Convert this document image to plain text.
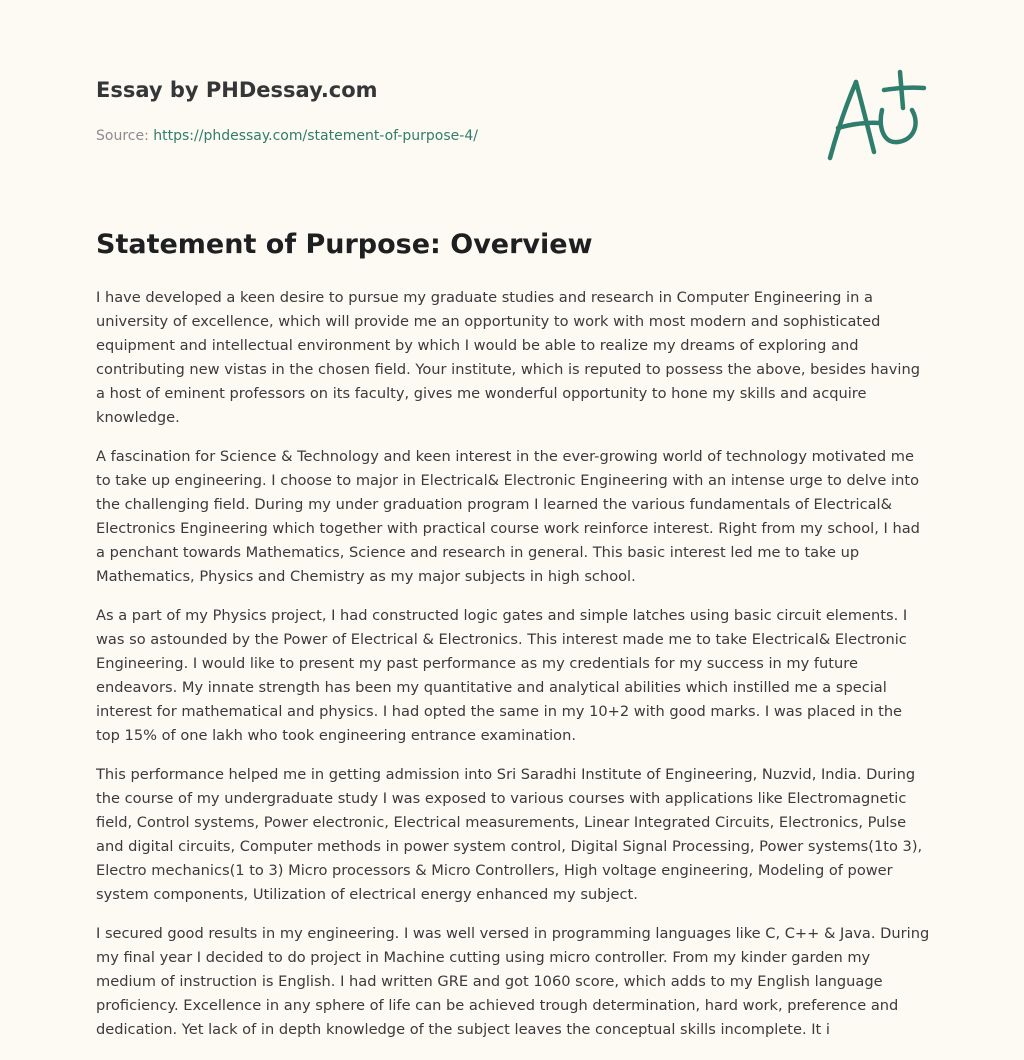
Essay by PHDessay.com
Source: https://phdessay.com/statement-of-purpose-4/
Statement of Purpose: Overview

I have developed a keen desire to pursue my graduate studies and research in Computer Engineering in a university of excellence, which will provide me an opportunity to work with most modern and sophisticated equipment and intellectual environment by which I would be able to realize my dreams of exploring and contributing new vistas in the chosen field. Your institute, which is reputed to possess the above, besides having a host of eminent professors on its faculty, gives me wonderful opportunity to hone my skills and acquire knowledge.

A fascination for Science & Technology and keen interest in the ever-growing world of technology motivated me to take up engineering. I choose to major in Electrical& Electronic Engineering with an intense urge to delve into the challenging field. During my under graduation program I learned the various fundamentals of Electrical& Electronics Engineering which together with practical course work reinforce interest. Right from my school, I had a penchant towards Mathematics, Science and research in general. This basic interest led me to take up Mathematics, Physics and Chemistry as my major subjects in high school.

As a part of my Physics project, I had constructed logic gates and simple latches using basic circuit elements. I was so astounded by the Power of Electrical & Electronics. This interest made me to take Electrical& Electronic Engineering. I would like to present my past performance as my credentials for my success in my future endeavors. My innate strength has been my quantitative and analytical abilities which instilled me a special interest for mathematical and physics. I had opted the same in my 10+2 with good marks. I was placed in the top 15% of one lakh who took engineering entrance examination.

This performance helped me in getting admission into Sri Saradhi Institute of Engineering, Nuzvid, India. During the course of my undergraduate study I was exposed to various courses with applications like Electromagnetic field, Control systems, Power electronic, Electrical measurements, Linear Integrated Circuits, Electronics, Pulse and digital circuits, Computer methods in power system control, Digital Signal Processing, Power systems(1to 3), Electro mechanics(1 to 3) Micro processors & Micro Controllers, High voltage engineering, Modeling of power system components, Utilization of electrical energy enhanced my subject.

I secured good results in my engineering. I was well versed in programming languages like C, C++ & Java. During my final year I decided to do project in Machine cutting using micro controller. From my kinder garden my medium of instruction is English. I had written GRE and got 1060 score, which adds to my English language proficiency. Excellence in any sphere of life can be achieved trough determination, hard work, preference and dedication. Yet lack of in depth knowledge of the subject leaves the conceptual skills incomplete. It i
